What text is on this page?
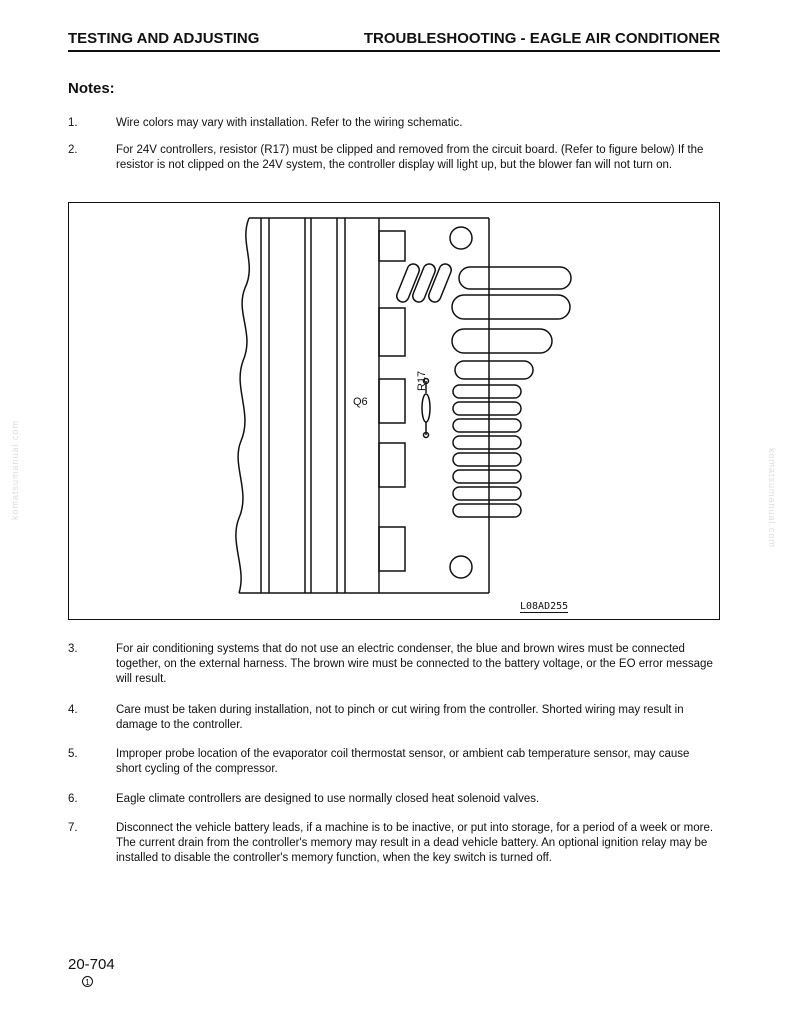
TESTING AND ADJUSTING	TROUBLESHOOTING - EAGLE AIR CONDITIONER
Notes:
1.	Wire colors may vary with installation. Refer to the wiring schematic.
2.	For 24V controllers, resistor (R17) must be clipped and removed from the circuit board. (Refer to figure below) If the resistor is not clipped on the 24V system, the controller display will light up, but the blower fan will not turn on.
Q6
R17
L08AD255
3.	For air conditioning systems that do not use an electric condenser, the blue and brown wires must be connected together, on the external harness. The brown wire must be connected to the battery voltage, or the EO error message will result.
4.	Care must be taken during installation, not to pinch or cut wiring from the controller. Shorted wiring may result in damage to the controller.
5.	Improper probe location of the evaporator coil thermostat sensor, or ambient cab temperature sensor, may cause short cycling of the compressor.
6.	Eagle climate controllers are designed to use normally closed heat solenoid valves.
7.	Disconnect the vehicle battery leads, if a machine is to be inactive, or put into storage, for a period of a week or more. The current drain from the controller's memory may result in a dead vehicle battery. An optional ignition relay may be installed to disable the controller's memory function, when the key switch is turned off.
komatsumanual.com	komatsumanual.com
20-704
1
